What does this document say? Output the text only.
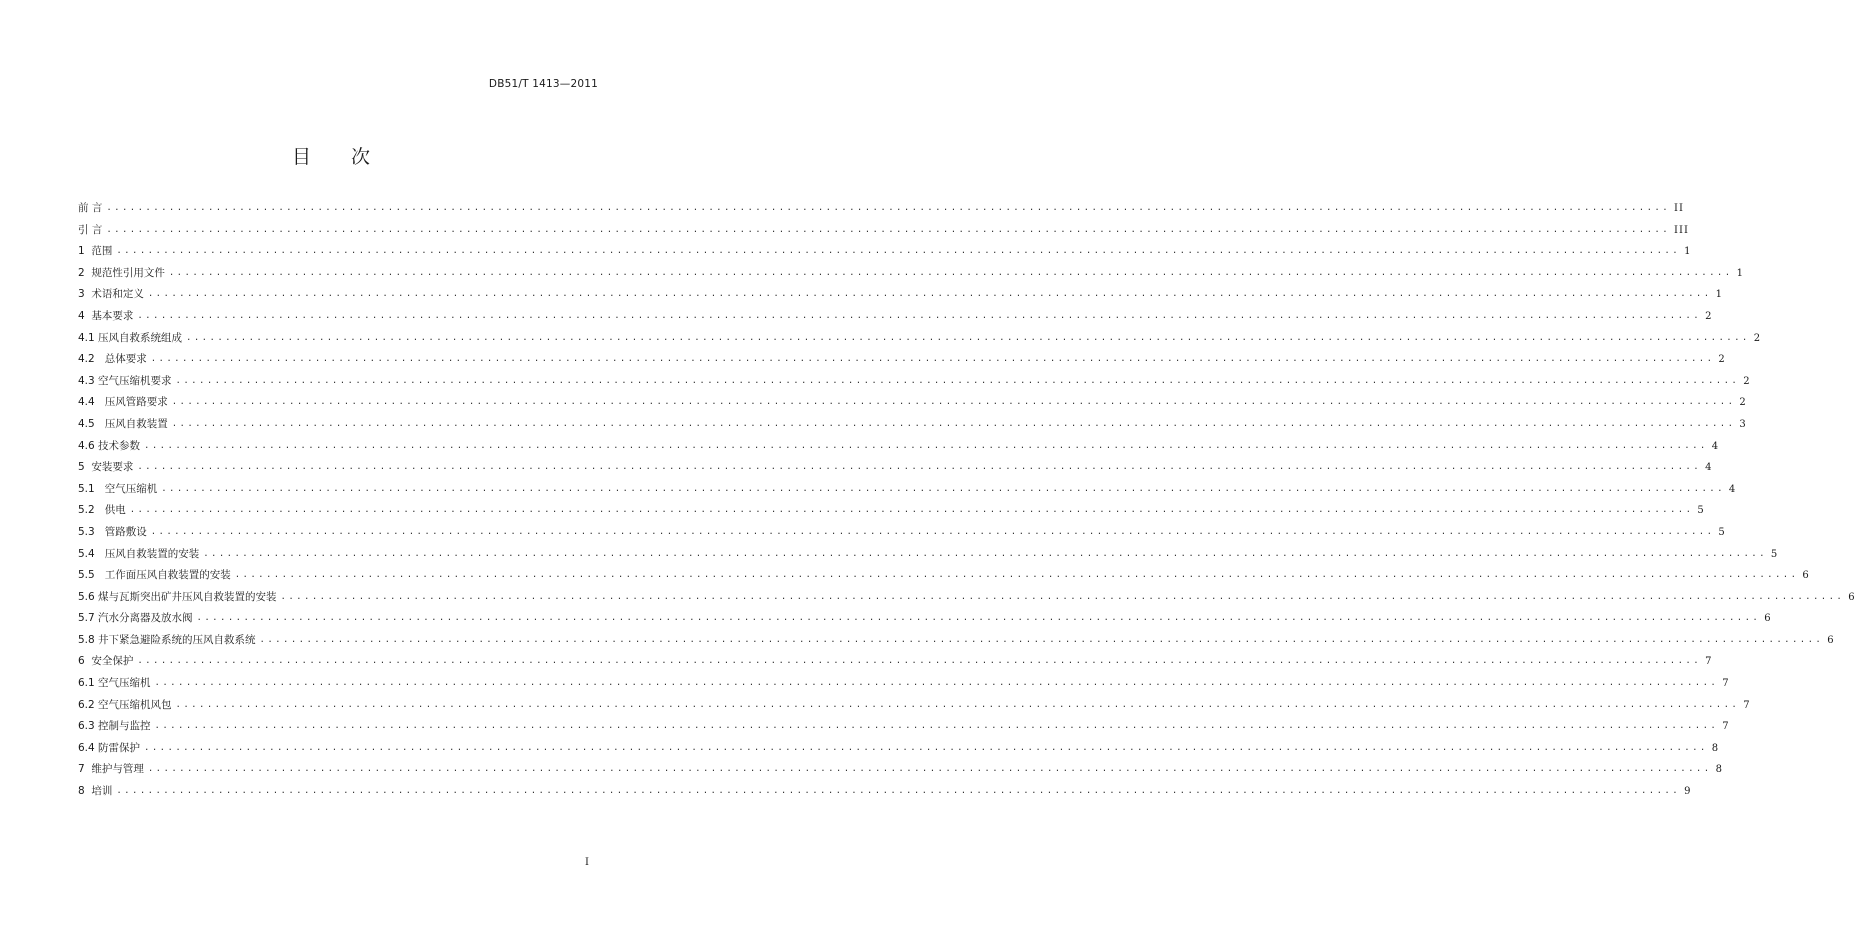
DB51/T 1413—2011
目次
前 言 ........................................................................................................................................................................................................ II
引 言 ........................................................................................................................................................................................................ III
1  范围 ........................................................................................................................................................................................................ 1
2  规范性引用文件 ........................................................................................................................................................................................................ 1
3  术语和定义 ........................................................................................................................................................................................................ 1
4  基本要求 ........................................................................................................................................................................................................ 2
4.1 压风自救系统组成 ........................................................................................................................................................................................................ 2
4.2   总体要求 ........................................................................................................................................................................................................ 2
4.3 空气压缩机要求 ........................................................................................................................................................................................................ 2
4.4   压风管路要求 ........................................................................................................................................................................................................ 2
4.5   压风自救装置 ........................................................................................................................................................................................................ 3
4.6 技术参数 ........................................................................................................................................................................................................ 4
5  安装要求 ........................................................................................................................................................................................................ 4
5.1   空气压缩机 ........................................................................................................................................................................................................ 4
5.2   供电 ........................................................................................................................................................................................................ 5
5.3   管路敷设 ........................................................................................................................................................................................................ 5
5.4   压风自救装置的安装 ........................................................................................................................................................................................................ 5
5.5   工作面压风自救装置的安装 ........................................................................................................................................................................................................ 6
5.6 煤与瓦斯突出矿井压风自救装置的安装 ........................................................................................................................................................................................................ 6
5.7 汽水分离器及放水阀 ........................................................................................................................................................................................................ 6
5.8 井下紧急避险系统的压风自救系统 ........................................................................................................................................................................................................ 6
6  安全保护 ........................................................................................................................................................................................................ 7
6.1 空气压缩机 ........................................................................................................................................................................................................ 7
6.2 空气压缩机风包 ........................................................................................................................................................................................................ 7
6.3 控制与监控 ........................................................................................................................................................................................................ 7
6.4 防雷保护 ........................................................................................................................................................................................................ 8
7  维护与管理 ........................................................................................................................................................................................................ 8
8  培训 ........................................................................................................................................................................................................ 9
I
